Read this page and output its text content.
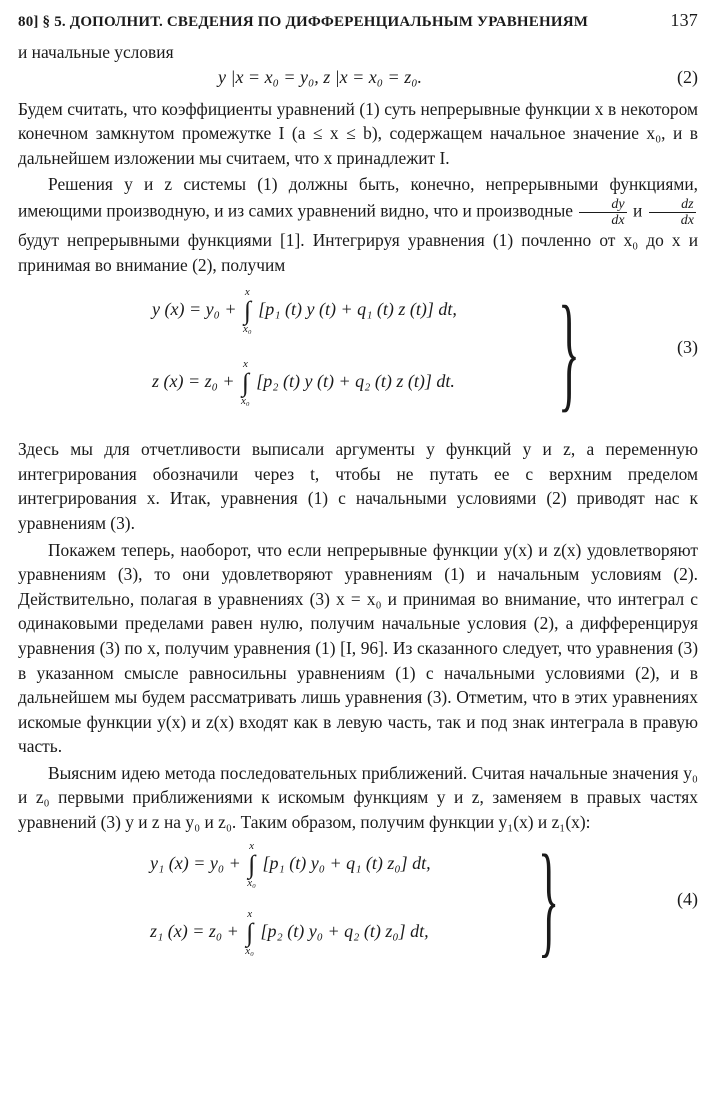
80] § 5. ДОПОЛНИТ. СВЕДЕНИЯ ПО ДИФФЕРЕНЦИАЛЬНЫМ УРАВНЕНИЯМ	137

и начальные условия

y |x = x₀ = y₀, z |x = x₀ = z₀.	(2)

Будем считать, что коэффициенты уравнений (1) суть непрерывные функции x в некотором конечном замкнутом промежутке I (a ≤ x ≤ b), содержащем начальное значение x₀, и в дальнейшем изложении мы считаем, что x принадлежит I.

Решения y и z системы (1) должны быть, конечно, непрерывными функциями, имеющими производную, и из самих уравнений видно, что и производные $\frac{dy}{dx}$ и $\frac{dz}{dx}$
будут непрерывными функциями [1]. Интегрируя уравнения (1) почленно от x₀ до x и принимая во внимание (2), получим

y (x) = y₀ +
x
∫
x₀
[p₁ (t) y (t) + q₁ (t) z (t)] dt,
z (x) = z₀ +
x
∫
x₀
[p₂ (t) y (t) + q₂ (t) z (t)] dt. }	(3)

Здесь мы для отчетливости выписали аргументы у функций y и z, а переменную интегрирования обозначили через t, чтобы не путать ее с верхним пределом интегрирования x. Итак, уравнения (1) с начальными условиями (2) приводят нас к уравнениям (3).

Покажем теперь, наоборот, что если непрерывные функции y(x) и z(x) удовлетворяют уравнениям (3), то они удовлетворяют уравнениям (1) и начальным условиям (2). Действительно, полагая в уравнениях (3) x = x₀ и принимая во внимание, что интеграл с одинаковыми пределами равен нулю, получим начальные условия (2), а дифференцируя уравнения (3) по x, получим уравнения (1) [I, 96]. Из сказанного следует, что уравнения (3) в указанном смысле равносильны уравнениям (1) с начальными условиями (2), и в дальнейшем мы будем рассматривать лишь уравнения (3). Отметим, что в этих уравнениях искомые функции y(x) и z(x) входят как в левую часть, так и под знак интеграла в правую часть.

Выясним идею метода последовательных приближений. Считая начальные значения y₀ и z₀ первыми приближениями к искомым функциям y и z, заменяем в правых частях уравнений (3) y и z на y₀ и z₀. Таким образом, получим функции y₁(x) и z₁(x):

y₁ (x) = y₀ +
x
∫
x₀
[p₁ (t) y₀ + q₁ (t) z₀] dt,
z₁ (x) = z₀ +
x
∫
x₀
[p₂ (t) y₀ + q₂ (t) z₀] dt, }	(4)
